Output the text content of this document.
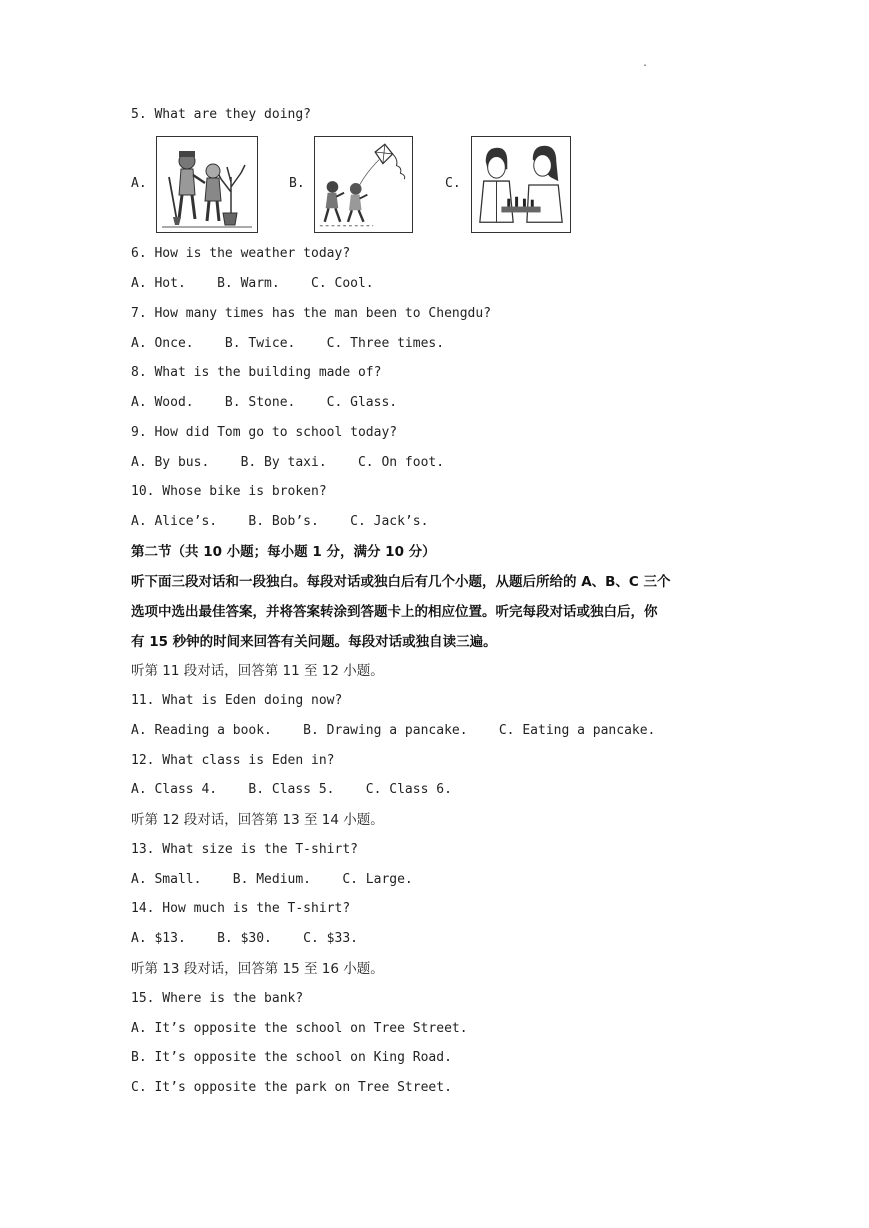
.
5. What are they doing?
A.	B.	C.
6. How is the weather today?
A. Hot.    B. Warm.    C. Cool.
7. How many times has the man been to Chengdu?
A. Once.    B. Twice.    C. Three times.
8. What is the building made of?
A. Wood.    B. Stone.    C. Glass.
9. How did Tom go to school today?
A. By bus.    B. By taxi.    C. On foot.
10. Whose bike is broken?
A. Alice’s.    B. Bob’s.    C. Jack’s.
第二节（共 10 小题；每小题 1 分，满分 10 分）
听下面三段对话和一段独白。每段对话或独白后有几个小题，从题后所给的 A、B、C 三个
选项中选出最佳答案，并将答案转涂到答题卡上的相应位置。听完每段对话或独白后，你
有 15 秒钟的时间来回答有关问题。每段对话或独自读三遍。
听第 11 段对话，回答第 11 至 12 小题。
11. What is Eden doing now?
A. Reading a book.    B. Drawing a pancake.    C. Eating a pancake.
12. What class is Eden in?
A. Class 4.    B. Class 5.    C. Class 6.
听第 12 段对话，回答第 13 至 14 小题。
13. What size is the T-shirt?
A. Small.    B. Medium.    C. Large.
14. How much is the T-shirt?
A. $13.    B. $30.    C. $33.
听第 13 段对话，回答第 15 至 16 小题。
15. Where is the bank?
A. It’s opposite the school on Tree Street.
B. It’s opposite the school on King Road.
C. It’s opposite the park on Tree Street.
